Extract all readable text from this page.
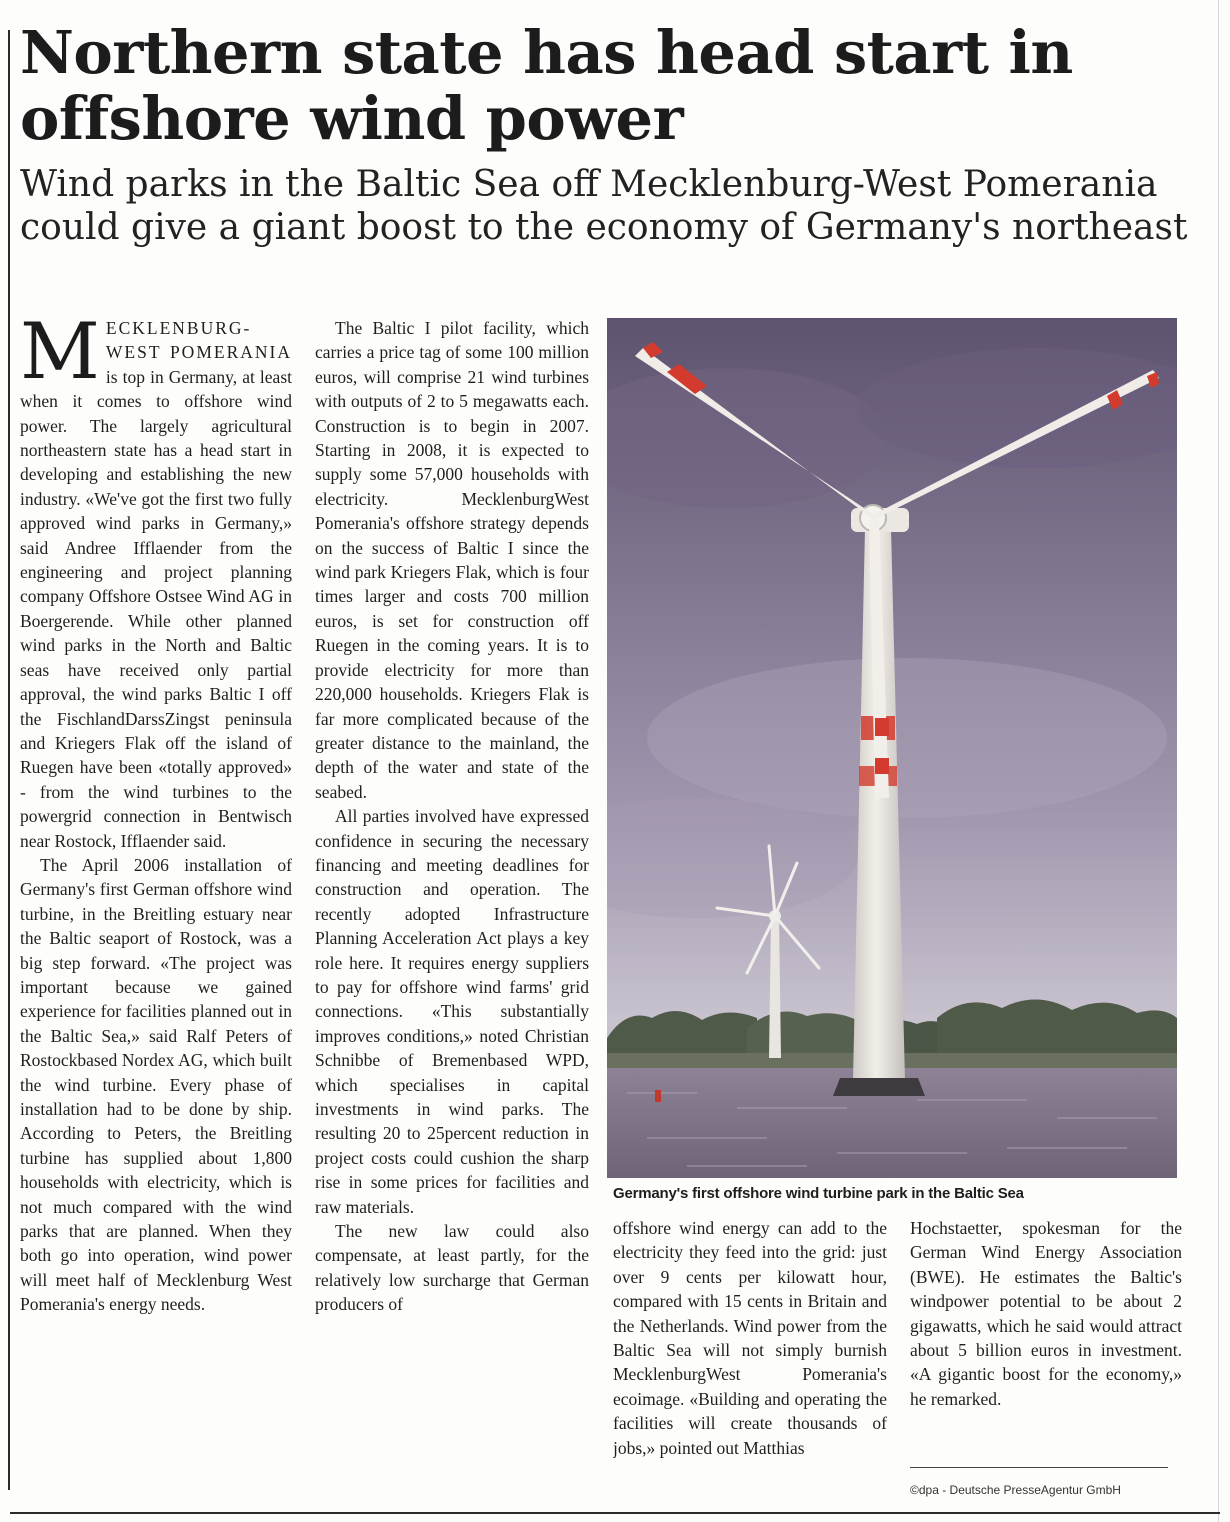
Northern state has head start in offshore wind power
Wind parks in the Baltic Sea off Mecklenburg-West Pomerania could give a giant boost to the economy of Germany's northeast

MECKLENBURG-WEST POMERANIA is top in Germany, at least when it comes to offshore wind power. The largely agricultural northeastern state has a head start in developing and establishing the new industry. «We've got the first two fully approved wind parks in Germany,» said Andree Ifflaender from the engineering and project planning company Offshore Ostsee Wind AG in Boergerende. While other planned wind parks in the North and Baltic seas have received only partial approval, the wind parks Baltic I off the FischlandDarssZingst peninsula and Kriegers Flak off the island of Ruegen have been «totally approved» - from the wind turbines to the powergrid connection in Bentwisch near Rostock, Ifflaender said.

The April 2006 installation of Germany's first German offshore wind turbine, in the Breitling estuary near the Baltic seaport of Rostock, was a big step forward. «The project was important because we gained experience for facilities planned out in the Baltic Sea,» said Ralf Peters of Rostockbased Nordex AG, which built the wind turbine. Every phase of installation had to be done by ship. According to Peters, the Breitling turbine has supplied about 1,800 households with electricity, which is not much compared with the wind parks that are planned. When they both go into operation, wind power will meet half of Mecklenburg West Pomerania's energy needs.

The Baltic I pilot facility, which carries a price tag of some 100 million euros, will comprise 21 wind turbines with outputs of 2 to 5 megawatts each. Construction is to begin in 2007. Starting in 2008, it is expected to supply some 57,000 households with electricity. MecklenburgWest Pomerania's offshore strategy depends on the success of Baltic I since the wind park Kriegers Flak, which is four times larger and costs 700 million euros, is set for construction off Ruegen in the coming years. It is to provide electricity for more than 220,000 households. Kriegers Flak is far more complicated because of the greater distance to the mainland, the depth of the water and state of the seabed.

All parties involved have expressed confidence in securing the necessary financing and meeting deadlines for construction and operation. The recently adopted Infrastructure Planning Acceleration Act plays a key role here. It requires energy suppliers to pay for offshore wind farms' grid connections. «This substantially improves conditions,» noted Christian Schnibbe of Bremenbased WPD, which specialises in capital investments in wind parks. The resulting 20 to 25percent reduction in project costs could cushion the sharp rise in some prices for facilities and raw materials.

The new law could also compensate, at least partly, for the relatively low surcharge that German producers of

Germany's first offshore wind turbine park in the Baltic Sea

offshore wind energy can add to the electricity they feed into the grid: just over 9 cents per kilowatt hour, compared with 15 cents in Britain and the Netherlands. Wind power from the Baltic Sea will not simply burnish MecklenburgWest Pomerania's ecoimage. «Building and operating the facilities will create thousands of jobs,» pointed out Matthias

Hochstaetter, spokesman for the German Wind Energy Association (BWE). He estimates the Baltic's windpower potential to be about 2 gigawatts, which he said would attract about 5 billion euros in investment. «A gigantic boost for the economy,» he remarked.

©dpa - Deutsche PresseAgentur GmbH
